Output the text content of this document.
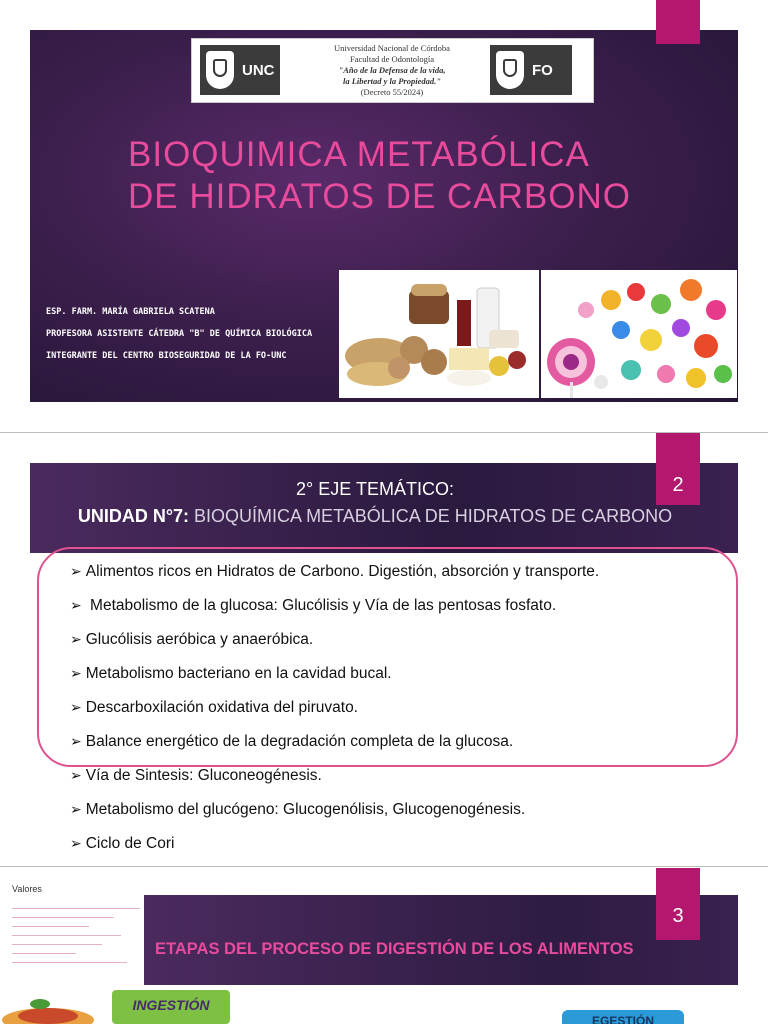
UNC
Universidad Nacional de Córdoba
Facultad de Odontología
"Año de la Defensa de la vida,
la Libertad y la Propiedad."
(Decreto 55/2024)
FO
BIOQUIMICA METABÓLICA
DE HIDRATOS DE CARBONO
ESP. FARM. MARÍA GABRIELA SCATENA
PROFESORA ASISTENTE CÁTEDRA "B" DE QUÍMICA BIOLÓGICA
INTEGRANTE DEL CENTRO BIOSEGURIDAD DE LA FO-UNC
2
2° EJE TEMÁTICO:
UNIDAD N°7: BIOQUÍMICA METABÓLICA DE HIDRATOS DE CARBONO
➢ Alimentos ricos en Hidratos de Carbono. Digestión, absorción y transporte.
➢ Metabolismo de la glucosa: Glucólisis y Vía de las pentosas fosfato.
➢ Glucólisis aeróbica y anaeróbica.
➢ Metabolismo bacteriano en la cavidad bucal.
➢ Descarboxilación oxidativa del piruvato.
➢ Balance energético de la degradación completa de la glucosa.
➢ Vía de Sintesis: Gluconeogénesis.
➢ Metabolismo del glucógeno: Glucogenólisis, Glucogenogénesis.
➢ Ciclo de Cori
Valores
3
ETAPAS DEL PROCESO DE DIGESTIÓN DE LOS ALIMENTOS
INGESTIÓN
EGESTIÓN
